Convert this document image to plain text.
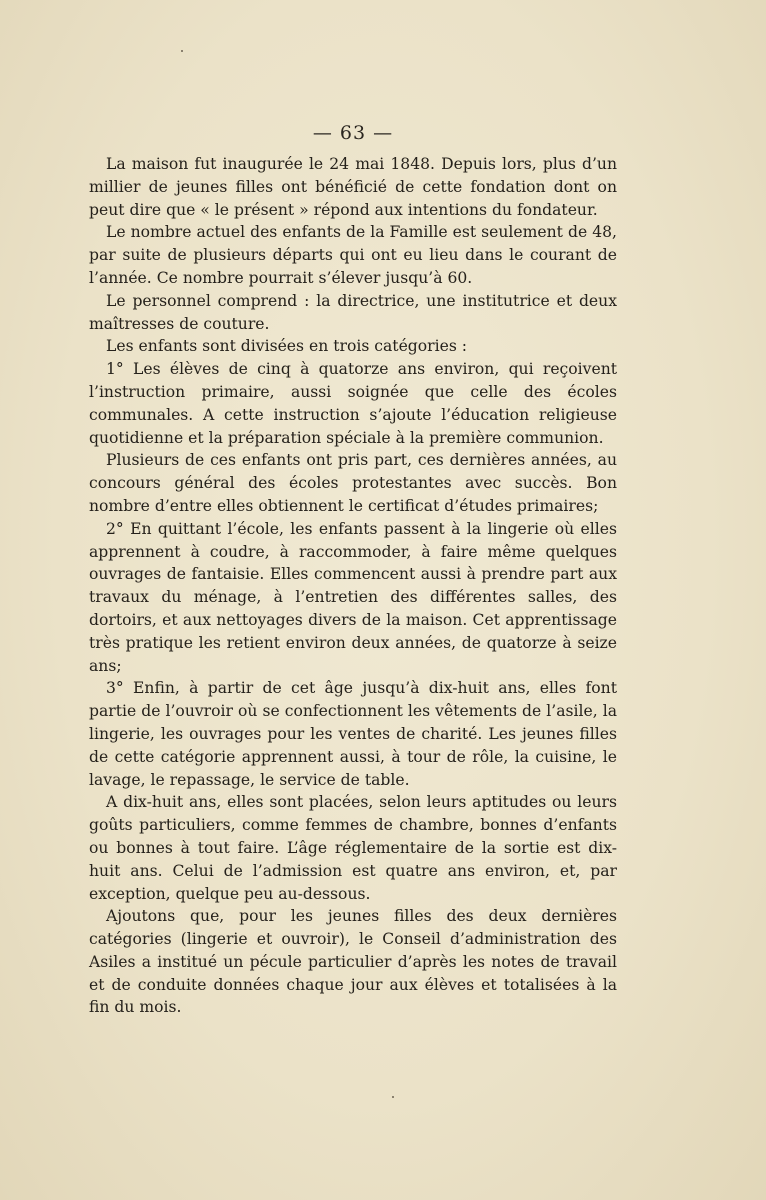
— 63 —

La maison fut inaugurée le 24 mai 1848. Depuis lors, plus d’un millier de jeunes filles ont bénéficié de cette fondation dont on peut dire que « le présent » répond aux intentions du fondateur.

Le nombre actuel des enfants de la Famille est seulement de 48, par suite de plusieurs départs qui ont eu lieu dans le courant de l’année. Ce nombre pourrait s’élever jusqu’à 60.

Le personnel comprend : la directrice, une institutrice et deux maîtresses de couture.

Les enfants sont divisées en trois catégories :

1° Les élèves de cinq à quatorze ans environ, qui reçoivent l’instruction primaire, aussi soignée que celle des écoles communales. A cette instruction s’ajoute l’éducation religieuse quotidienne et la préparation spéciale à la première communion.

Plusieurs de ces enfants ont pris part, ces dernières années, au concours général des écoles protestantes avec succès. Bon nombre d’entre elles obtiennent le certificat d’études primaires;

2° En quittant l’école, les enfants passent à la lingerie où elles apprennent à coudre, à raccommoder, à faire même quelques ouvrages de fantaisie. Elles commencent aussi à prendre part aux travaux du ménage, à l’entretien des différentes salles, des dortoirs, et aux nettoyages divers de la maison. Cet apprentissage très pratique les retient environ deux années, de quatorze à seize ans;

3° Enfin, à partir de cet âge jusqu’à dix-huit ans, elles font partie de l’ouvroir où se confectionnent les vêtements de l’asile, la lingerie, les ouvrages pour les ventes de charité. Les jeunes filles de cette catégorie apprennent aussi, à tour de rôle, la cuisine, le lavage, le repassage, le service de table.

A dix-huit ans, elles sont placées, selon leurs aptitudes ou leurs goûts particuliers, comme femmes de chambre, bonnes d’enfants ou bonnes à tout faire. L’âge réglementaire de la sortie est dix-huit ans. Celui de l’admission est quatre ans environ, et, par exception, quelque peu au-dessous.

Ajoutons que, pour les jeunes filles des deux dernières catégories (lingerie et ouvroir), le Conseil d’administration des Asiles a institué un pécule particulier d’après les notes de travail et de conduite données chaque jour aux élèves et totalisées à la fin du mois.
